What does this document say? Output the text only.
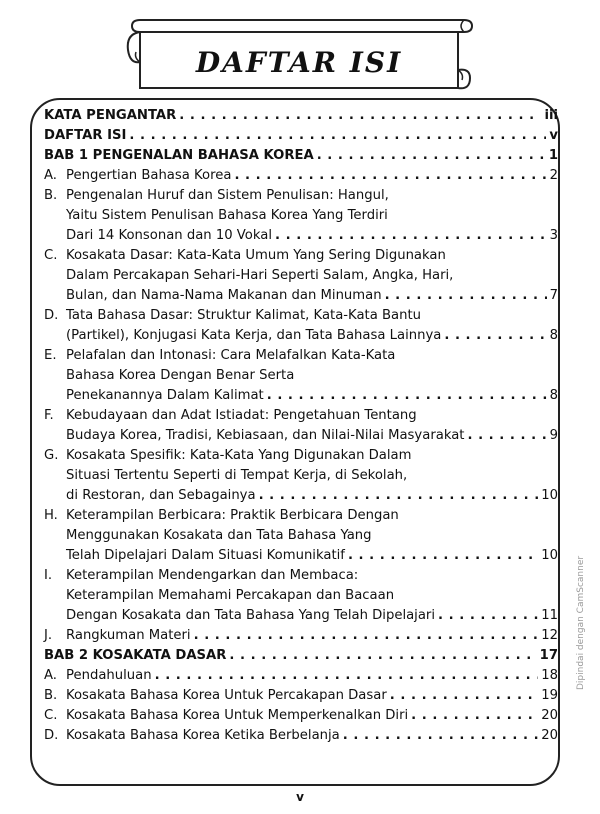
DAFTAR ISI
KATA PENGANTAR . . .	iii
DAFTAR ISI . . .	v
BAB 1 PENGENALAN BAHASA KOREA . . .	1
A. Pengertian Bahasa Korea . . .	2
B. Pengenalan Huruf dan Sistem Penulisan: Hangul,
Yaitu Sistem Penulisan Bahasa Korea Yang Terdiri
Dari 14 Konsonan dan 10 Vokal . . .	3
C. Kosakata Dasar: Kata-Kata Umum Yang Sering Digunakan
Dalam Percakapan Sehari-Hari Seperti Salam, Angka, Hari,
Bulan, dan Nama-Nama Makanan dan Minuman . . .	7
D. Tata Bahasa Dasar: Struktur Kalimat, Kata-Kata Bantu
(Partikel), Konjugasi Kata Kerja, dan Tata Bahasa Lainnya . . .	8
E. Pelafalan dan Intonasi: Cara Melafalkan Kata-Kata
Bahasa Korea Dengan Benar Serta
Penekanannya Dalam Kalimat . . .	8
F. Kebudayaan dan Adat Istiadat: Pengetahuan Tentang
Budaya Korea, Tradisi, Kebiasaan, dan Nilai-Nilai Masyarakat . . .	9
G. Kosakata Spesifik: Kata-Kata Yang Digunakan Dalam
Situasi Tertentu Seperti di Tempat Kerja, di Sekolah,
di Restoran, dan Sebagainya . . .	10
H. Keterampilan Berbicara: Praktik Berbicara Dengan
Menggunakan Kosakata dan Tata Bahasa Yang
Telah Dipelajari Dalam Situasi Komunikatif . . .	10
I.	Keterampilan Mendengarkan dan Membaca:
Keterampilan Memahami Percakapan dan Bacaan
Dengan Kosakata dan Tata Bahasa Yang Telah Dipelajari . . .	11
J.	Rangkuman Materi . . .	12
BAB 2 KOSAKATA DASAR . . .	17
A. Pendahuluan . . .	18
B. Kosakata Bahasa Korea Untuk Percakapan Dasar . . .	19
C. Kosakata Bahasa Korea Untuk Memperkenalkan Diri . . .	20
D. Kosakata Bahasa Korea Ketika Berbelanja . . .	20
v
Dipindai dengan CamScanner
